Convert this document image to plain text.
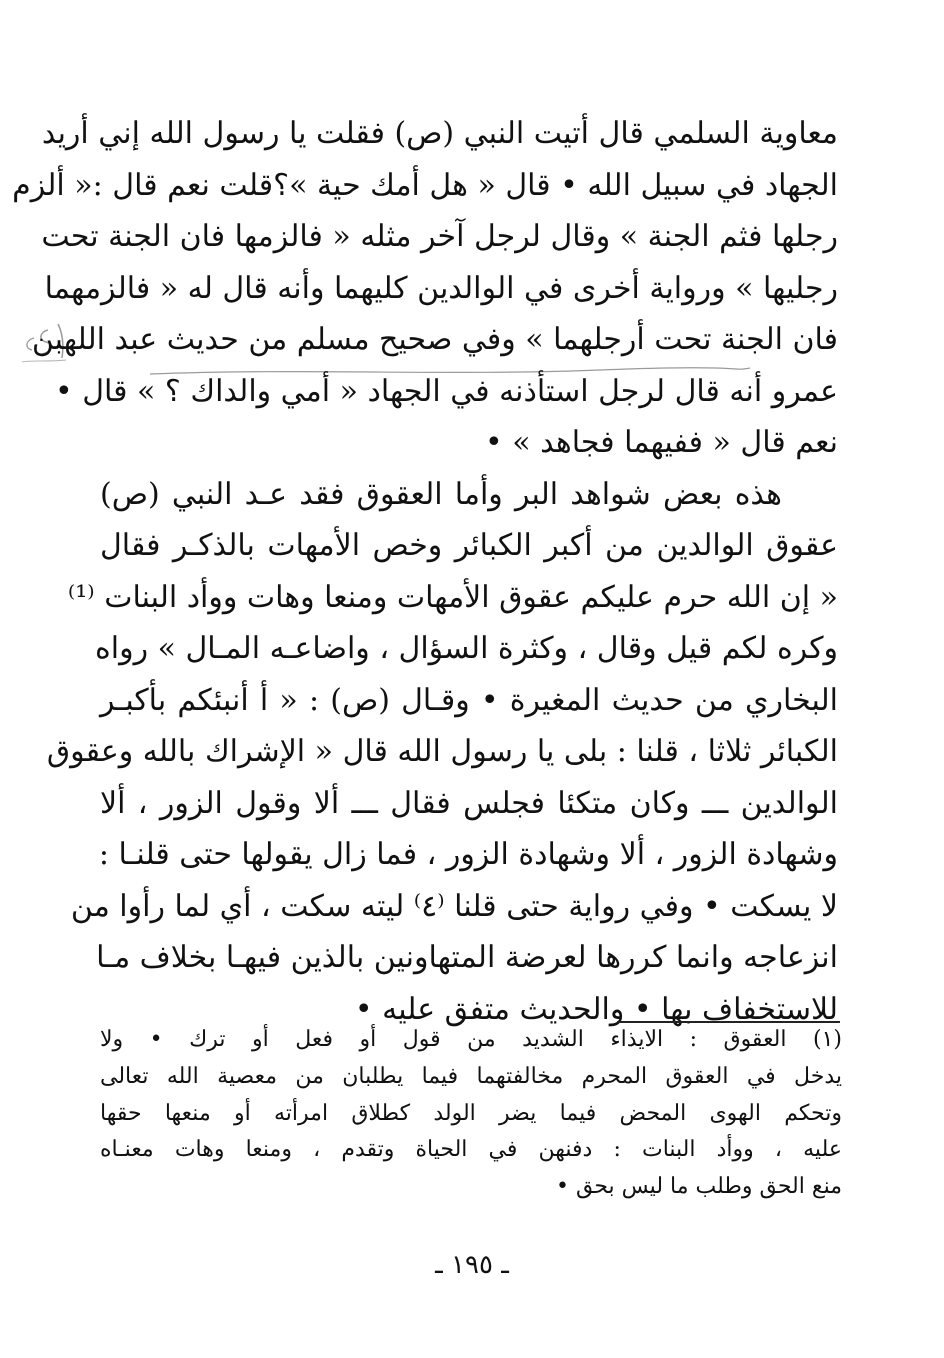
معاوية السلمي قال أتيت النبي (ص) فقلت يا رسول الله إني أريد
الجهاد في سبيل الله • قال « هل أمك حية »؟قلت نعم قال :« ألزم
رجلها فثم الجنة » وقال لرجل آخر مثله « فالزمها فان الجنة تحت
رجليها » ورواية أخرى في الوالدين كليهما وأنه قال له « فالزمهما
فان الجنة تحت أرجلهما » وفي صحيح مسلم من حديث عبد اللهبن
عمرو أنه قال لرجل استأذنه في الجهاد « أمي والداك ؟ » قال •
نعم قال « ففيهما فجاهد » •
هذه بعض شواهد البر وأما العقوق فقد عـد النبي (ص)
عقوق الوالدين من أكبر الكبائر وخص الأمهات بالذكـر فقال
« إن الله حرم عليكم عقوق الأمهات ومنعا وهات ووأد البنات ⁽¹⁾
وكره لكم قيل وقال ، وكثرة السؤال ، واضاعـه المـال » رواه
البخاري من حديث المغيرة • وقـال (ص) : « أ أنبئكم بأكبـر
الكبائر ثلاثا ، قلنا : بلى يا رسول الله قال « الإشراك بالله وعقوق
الوالدين ـــ وكان متكئا فجلس فقال ـــ ألا وقول الزور ، ألا
وشهادة الزور ، ألا وشهادة الزور ، فما زال يقولها حتى قلنـا :
لا يسكت • وفي رواية حتى قلنا ⁽٤⁾ ليته سكت ، أي لما رأوا من
انزعاجه وانما كررها لعرضة المتهاونين بالذين فيهـا بخلاف مـا
للاستخفاف بها • والحديث متفق عليه •
(١) العقوق : الايذاء الشديد من قول أو فعل أو ترك • ولا
يدخل في العقوق المحرم مخالفتهما فيما يطلبان من معصية الله تعالى
وتحكم الهوى المحض فيما يضر الولد كطلاق امرأته أو منعها حقها
عليه ، ووأد البنات : دفنهن في الحياة وتقدم ، ومنعا وهات معنـاه
منع الحق وطلب ما ليس بحق •
ـ ١٩٥ ـ
